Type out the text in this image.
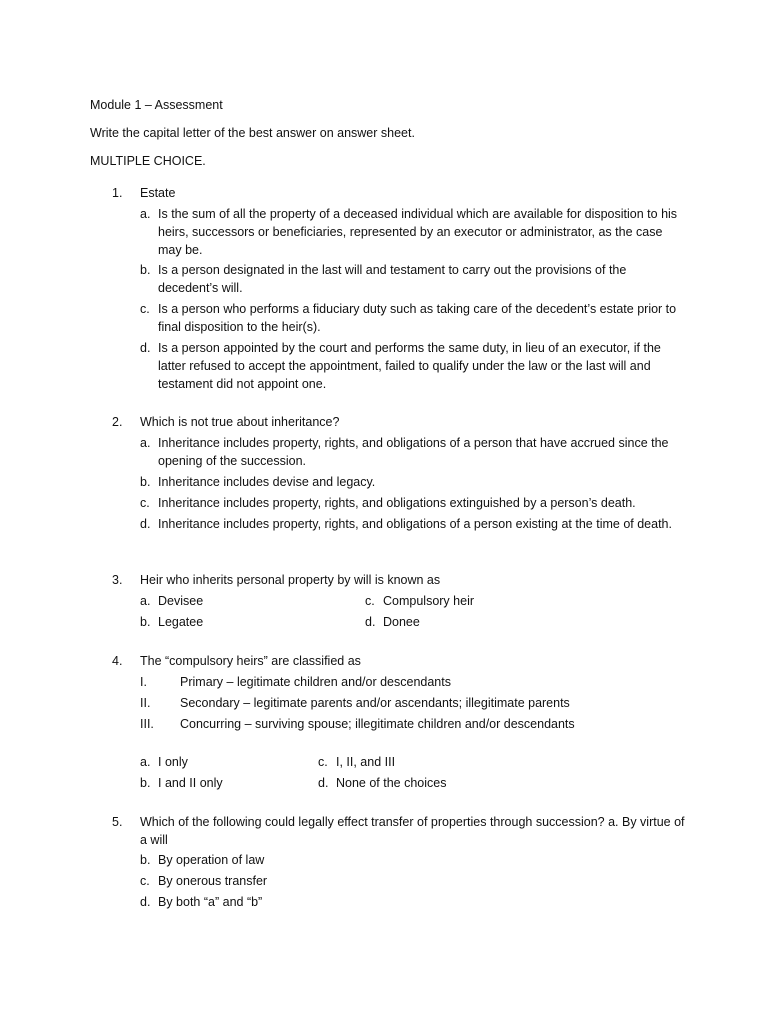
Module 1 – Assessment
Write the capital letter of the best answer on answer sheet.
MULTIPLE CHOICE.
1. Estate
a. Is the sum of all the property of a deceased individual which are available for disposition to his heirs, successors or beneficiaries, represented by an executor or administrator, as the case may be.
b. Is a person designated in the last will and testament to carry out the provisions of the decedent’s will.
c. Is a person who performs a fiduciary duty such as taking care of the decedent’s estate prior to final disposition to the heir(s).
d. Is a person appointed by the court and performs the same duty, in lieu of an executor, if the latter refused to accept the appointment, failed to qualify under the law or the last will and testament did not appoint one.
2. Which is not true about inheritance?
a. Inheritance includes property, rights, and obligations of a person that have accrued since the opening of the succession.
b. Inheritance includes devise and legacy.
c. Inheritance includes property, rights, and obligations extinguished by a person’s death.
d. Inheritance includes property, rights, and obligations of a person existing at the time of death.
3. Heir who inherits personal property by will is known as
a. Devisee	c. Compulsory heir
b. Legatee	d. Donee
4. The “compulsory heirs” are classified as
I.	Primary – legitimate children and/or descendants
II. Secondary – legitimate parents and/or ascendants; illegitimate parents
III. Concurring – surviving spouse; illegitimate children and/or descendants
a. I only	c. I, II, and III
b. I and II only	d. None of the choices
5. Which of the following could legally effect transfer of properties through succession? a. By virtue of a will
b. By operation of law
c. By onerous transfer
d. By both “a” and “b”
